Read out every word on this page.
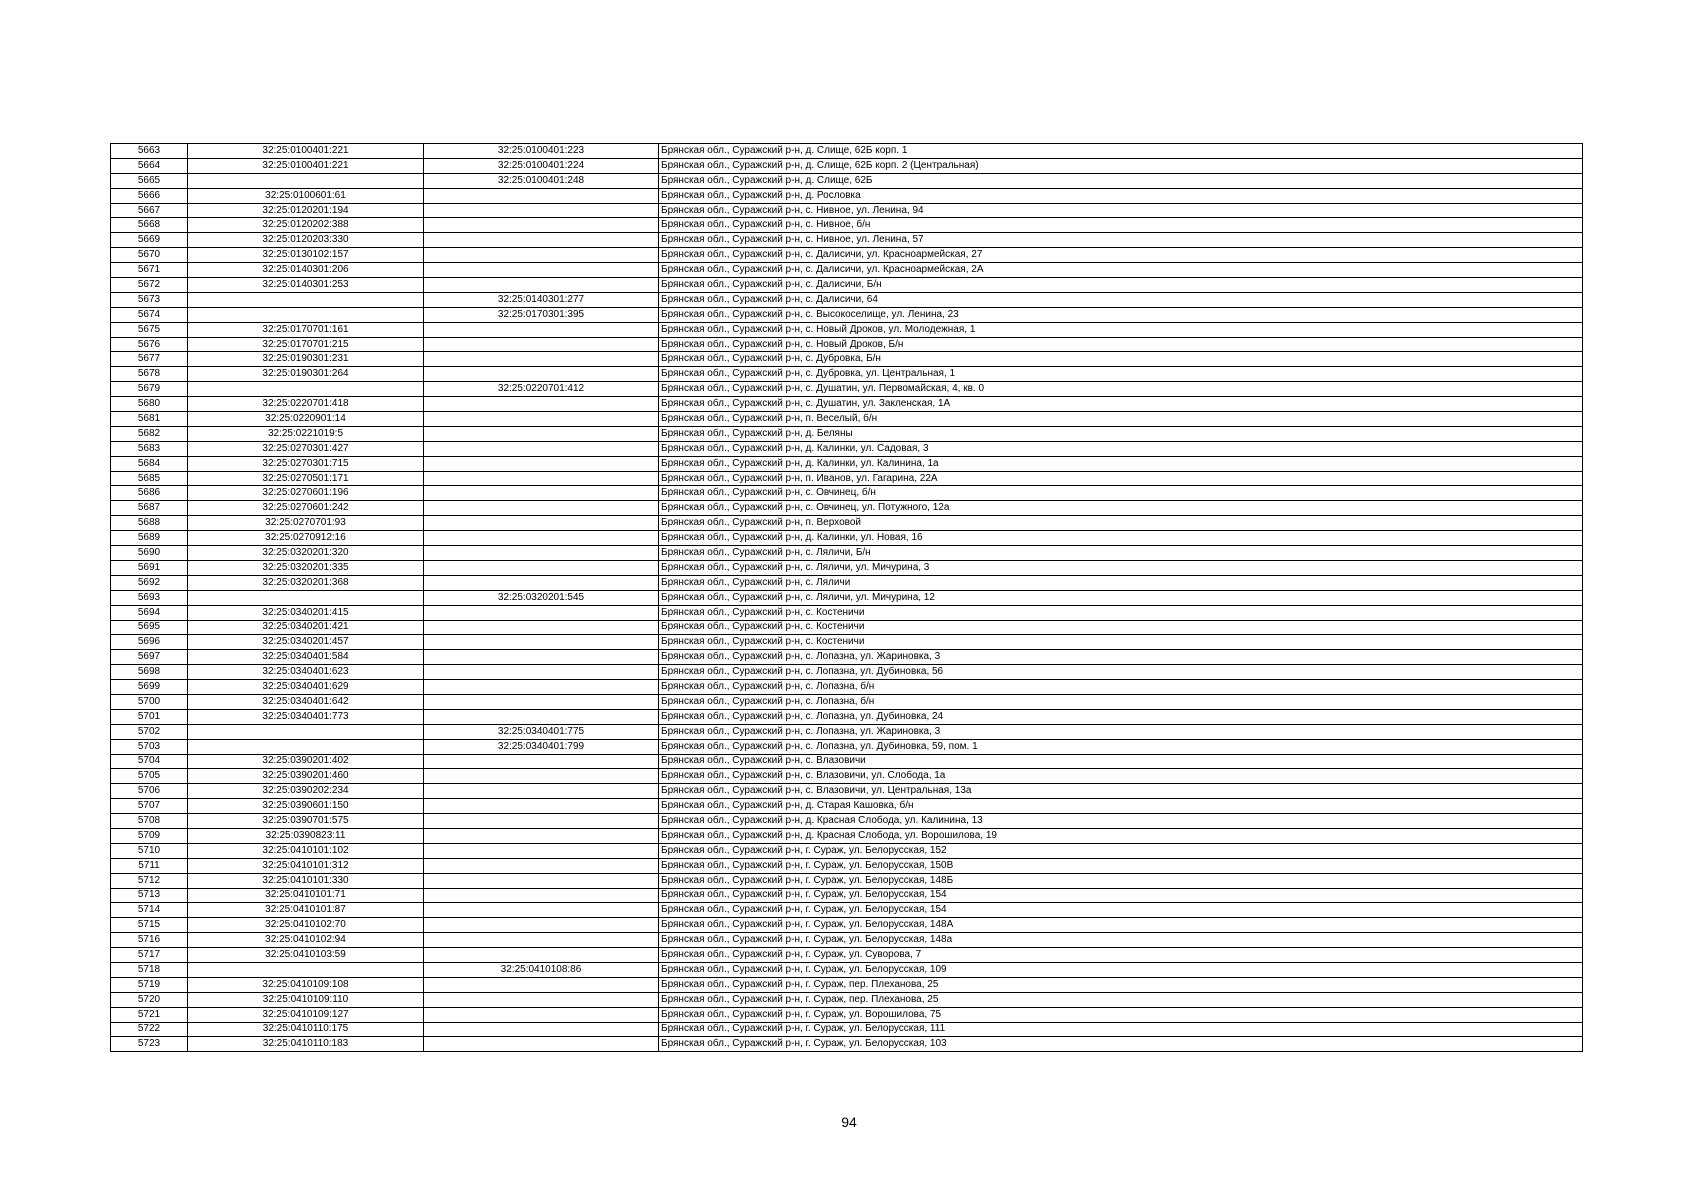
5663	32:25:0100401:221	32:25:0100401:223	Брянская обл., Суражский р-н, д. Слище, 62Б корп. 1
5664	32:25:0100401:221	32:25:0100401:224	Брянская обл., Суражский р-н, д. Слище, 62Б корп. 2 (Центральная)
5665		32:25:0100401:248	Брянская обл., Суражский р-н, д. Слище, 62Б
5666	32:25:0100601:61		Брянская обл., Суражский р-н, д. Рословка
5667	32:25:0120201:194		Брянская обл., Суражский р-н, с. Нивное, ул. Ленина, 94
5668	32:25:0120202:388		Брянская обл., Суражский р-н, с. Нивное, б/н
5669	32:25:0120203:330		Брянская обл., Суражский р-н, с. Нивное, ул. Ленина, 57
5670	32:25:0130102:157		Брянская обл., Суражский р-н, с. Далисичи, ул. Красноармейская, 27
5671	32:25:0140301:206		Брянская обл., Суражский р-н, с. Далисичи, ул. Красноармейская, 2А
5672	32:25:0140301:253		Брянская обл., Суражский р-н, с. Далисичи, Б/н
5673		32:25:0140301:277	Брянская обл., Суражский р-н, с. Далисичи, 64
5674		32:25:0170301:395	Брянская обл., Суражский р-н, с. Высокоселище, ул. Ленина, 23
5675	32:25:0170701:161		Брянская обл., Суражский р-н, с. Новый Дроков, ул. Молодежная, 1
5676	32:25:0170701:215		Брянская обл., Суражский р-н, с. Новый Дроков, Б/н
5677	32:25:0190301:231		Брянская обл., Суражский р-н, с. Дубровка, Б/н
5678	32:25:0190301:264		Брянская обл., Суражский р-н, с. Дубровка, ул. Центральная, 1
5679		32:25:0220701:412	Брянская обл., Суражский р-н, с. Душатин, ул. Первомайская, 4, кв. 0
5680	32:25:0220701:418		Брянская обл., Суражский р-н, с. Душатин, ул. Закленская, 1А
5681	32:25:0220901:14		Брянская обл., Суражский р-н, п. Веселый, б/н
5682	32:25:0221019:5		Брянская обл., Суражский р-н, д. Беляны
5683	32:25:0270301:427		Брянская обл., Суражский р-н, д. Калинки, ул. Садовая, 3
5684	32:25:0270301:715		Брянская обл., Суражский р-н, д. Калинки, ул. Калинина, 1а
5685	32:25:0270501:171		Брянская обл., Суражский р-н, п. Иванов, ул. Гагарина, 22А
5686	32:25:0270601:196		Брянская обл., Суражский р-н, с. Овчинец, б/н
5687	32:25:0270601:242		Брянская обл., Суражский р-н, с. Овчинец, ул. Потужного, 12а
5688	32:25:0270701:93		Брянская обл., Суражский р-н, п. Верховой
5689	32:25:0270912:16		Брянская обл., Суражский р-н, д. Калинки, ул. Новая, 16
5690	32:25:0320201:320		Брянская обл., Суражский р-н, с. Ляличи, Б/н
5691	32:25:0320201:335		Брянская обл., Суражский р-н, с. Ляличи, ул. Мичурина, 3
5692	32:25:0320201:368		Брянская обл., Суражский р-н, с. Ляличи
5693		32:25:0320201:545	Брянская обл., Суражский р-н, с. Ляличи, ул. Мичурина, 12
5694	32:25:0340201:415		Брянская обл., Суражский р-н, с. Костеничи
5695	32:25:0340201:421		Брянская обл., Суражский р-н, с. Костеничи
5696	32:25:0340201:457		Брянская обл., Суражский р-н, с. Костеничи
5697	32:25:0340401:584		Брянская обл., Суражский р-н, с. Лопазна, ул. Жариновка, 3
5698	32:25:0340401:623		Брянская обл., Суражский р-н, с. Лопазна, ул. Дубиновка, 56
5699	32:25:0340401:629		Брянская обл., Суражский р-н, с. Лопазна, б/н
5700	32:25:0340401:642		Брянская обл., Суражский р-н, с. Лопазна, б/н
5701	32:25:0340401:773		Брянская обл., Суражский р-н, с. Лопазна, ул. Дубиновка, 24
5702		32:25:0340401:775	Брянская обл., Суражский р-н, с. Лопазна, ул. Жариновка, 3
5703		32:25:0340401:799	Брянская обл., Суражский р-н, с. Лопазна, ул. Дубиновка, 59, пом. 1
5704	32:25:0390201:402		Брянская обл., Суражский р-н, с. Влазовичи
5705	32:25:0390201:460		Брянская обл., Суражский р-н, с. Влазовичи, ул. Слобода, 1а
5706	32:25:0390202:234		Брянская обл., Суражский р-н, с. Влазовичи, ул. Центральная, 13а
5707	32:25:0390601:150		Брянская обл., Суражский р-н, д. Старая Кашовка, б/н
5708	32:25:0390701:575		Брянская обл., Суражский р-н, д. Красная Слобода, ул. Калинина, 13
5709	32:25:0390823:11		Брянская обл., Суражский р-н, д. Красная Слобода, ул. Ворошилова, 19
5710	32:25:0410101:102		Брянская обл., Суражский р-н, г. Сураж, ул. Белорусская, 152
5711	32:25:0410101:312		Брянская обл., Суражский р-н, г. Сураж, ул. Белорусская, 150В
5712	32:25:0410101:330		Брянская обл., Суражский р-н, г. Сураж, ул. Белорусская, 148Б
5713	32:25:0410101:71		Брянская обл., Суражский р-н, г. Сураж, ул. Белорусская, 154
5714	32:25:0410101:87		Брянская обл., Суражский р-н, г. Сураж, ул. Белорусская, 154
5715	32:25:0410102:70		Брянская обл., Суражский р-н, г. Сураж, ул. Белорусская, 148А
5716	32:25:0410102:94		Брянская обл., Суражский р-н, г. Сураж, ул. Белорусская, 148а
5717	32:25:0410103:59		Брянская обл., Суражский р-н, г. Сураж, ул. Суворова, 7
5718		32:25:0410108:86	Брянская обл., Суражский р-н, г. Сураж, ул. Белорусская, 109
5719	32:25:0410109:108		Брянская обл., Суражский р-н, г. Сураж, пер. Плеханова, 25
5720	32:25:0410109:110		Брянская обл., Суражский р-н, г. Сураж, пер. Плеханова, 25
5721	32:25:0410109:127		Брянская обл., Суражский р-н, г. Сураж, ул. Ворошилова, 75
5722	32:25:0410110:175		Брянская обл., Суражский р-н, г. Сураж, ул. Белорусская, 111
5723	32:25:0410110:183		Брянская обл., Суражский р-н, г. Сураж, ул. Белорусская, 103
94
